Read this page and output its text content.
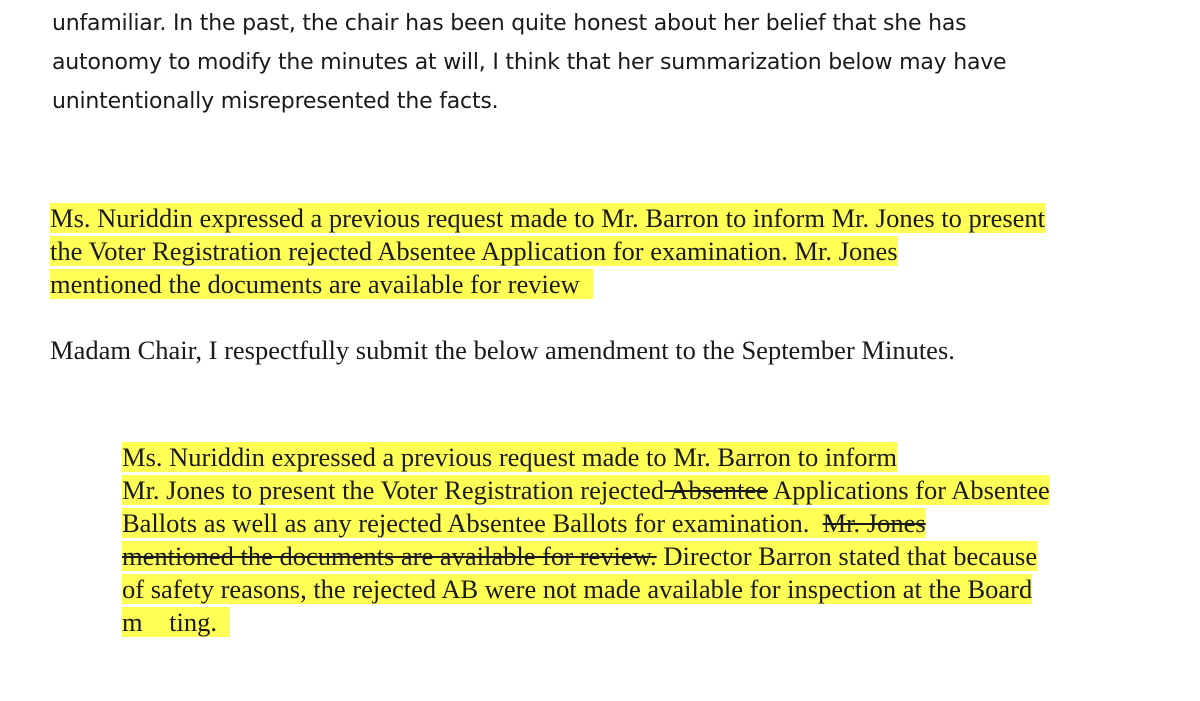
unfamiliar. In the past, the chair has been quite honest about her belief that she has
autonomy to modify the minutes at will, I think that her summarization below may have
unintentionally misrepresented the facts.
Ms. Nuriddin expressed a previous request made to Mr. Barron to inform Mr. Jones to present
the Voter Registration rejected Absentee Application for examination. Mr. Jones
mentioned the documents are available for review
Madam Chair, I respectfully submit the below amendment to the September Minutes.
Ms. Nuriddin expressed a previous request made to Mr. Barron to inform
Mr. Jones to present the Voter Registration rejected Absentee Applications for Absentee
Ballots as well as any rejected Absentee Ballots for examination.  Mr. Jones
mentioned the documents are available for review. Director Barron stated that because
of safety reasons, the rejected AB were not made available for inspection at the Board
m    ting.
